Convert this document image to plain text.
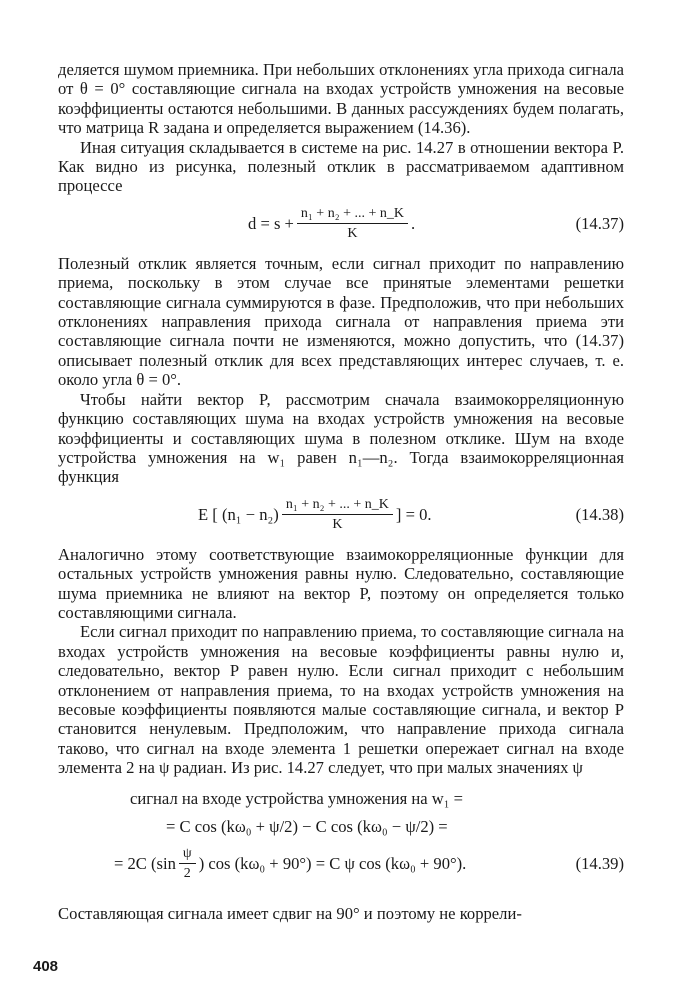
деляется шумом приемника. При небольших отклонениях угла прихода сигнала от θ = 0° составляющие сигнала на входах устройств умножения на весовые коэффициенты остаются небольшими. В данных рассуждениях будем полагать, что матрица R задана и определяется выражением (14.36).

Иная ситуация складывается в системе на рис. 14.27 в отношении вектора P. Как видно из рисунка, полезный отклик в рассматриваемом адаптивном процессе

$d = s + \frac{\text{n₁ + n₂ + ... + n\_K}}{K}$ .	(14.37)

Полезный отклик является точным, если сигнал приходит по направлению приема, поскольку в этом случае все принятые элементами решетки составляющие сигнала суммируются в фазе. Предположив, что при небольших отклонениях направления прихода сигнала от направления приема эти составляющие сигнала почти не изменяются, можно допустить, что (14.37) описывает полезный отклик для всех представляющих интерес случаев, т. е. около угла θ = 0°.

Чтобы найти вектор P, рассмотрим сначала взаимокорреляционную функцию составляющих шума на входах устройств умножения на весовые коэффициенты и составляющих шума в полезном отклике. Шум на входе устройства умножения на w₁ равен n₁—n₂. Тогда взаимокорреляционная функция

E [ $(n_1 - n_2) \frac{\text{n₁ + n₂ + ... + n\_K}}{K}$ ] = 0.	(14.38)

Аналогично этому соответствующие взаимокорреляционные функции для остальных устройств умножения равны нулю. Следовательно, составляющие шума приемника не влияют на вектор P, поэтому он определяется только составляющими сигнала.

Если сигнал приходит по направлению приема, то составляющие сигнала на входах устройств умножения на весовые коэффициенты равны нулю и, следовательно, вектор P равен нулю. Если сигнал приходит с небольшим отклонением от направления приема, то на входах устройств умножения на весовые коэффициенты появляются малые составляющие сигнала, и вектор P становится ненулевым. Предположим, что направление прихода сигнала таково, что сигнал на входе элемента 1 решетки опережает сигнал на входе элемента 2 на ψ радиан. Из рис. 14.27 следует, что при малых значениях ψ

сигнал на входе устройства умножения на w₁ =
= C cos (kω₀ + ψ/2) − C cos (kω₀ − ψ/2) =
= 2C ($\sin \frac{\psi}{2}$ ) cos (kω₀ + 90°) = C ψ cos (kω₀ + 90°).	(14.39)

Составляющая сигнала имеет сдвиг на 90° и поэтому не коррели-

408
